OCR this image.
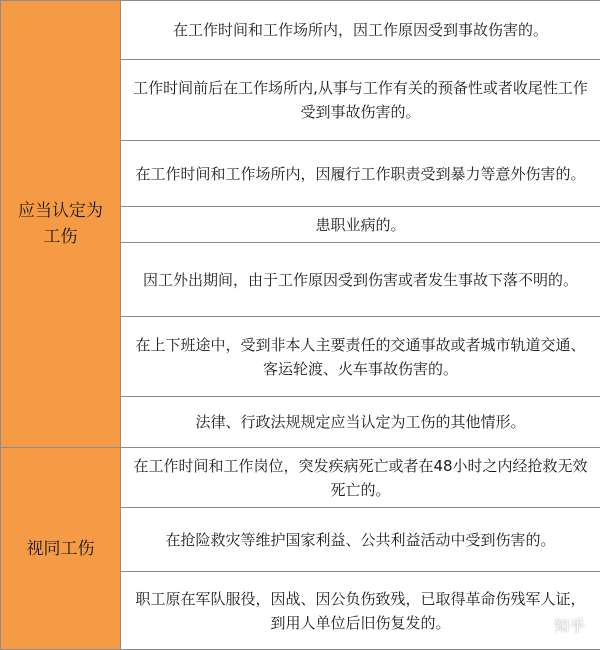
应当认定为工伤	在工作时间和工作场所内，因工作原因受到事故伤害的。
	工作时间前后在工作场所内,从事与工作有关的预备性或者收尾性工作受到事故伤害的。
	在工作时间和工作场所内，因履行工作职责受到暴力等意外伤害的。
	患职业病的。
	因工外出期间，由于工作原因受到伤害或者发生事故下落不明的。
	在上下班途中，受到非本人主要责任的交通事故或者城市轨道交通、客运轮渡、火车事故伤害的。
	法律、行政法规规定应当认定为工伤的其他情形。
视同工伤	在工作时间和工作岗位，突发疾病死亡或者在48小时之内经抢救无效死亡的。
	在抢险救灾等维护国家利益、公共利益活动中受到伤害的。
	职工原在军队服役，因战、因公负伤致残，已取得革命伤残军人证，到用人单位后旧伤复发的。	知乎
